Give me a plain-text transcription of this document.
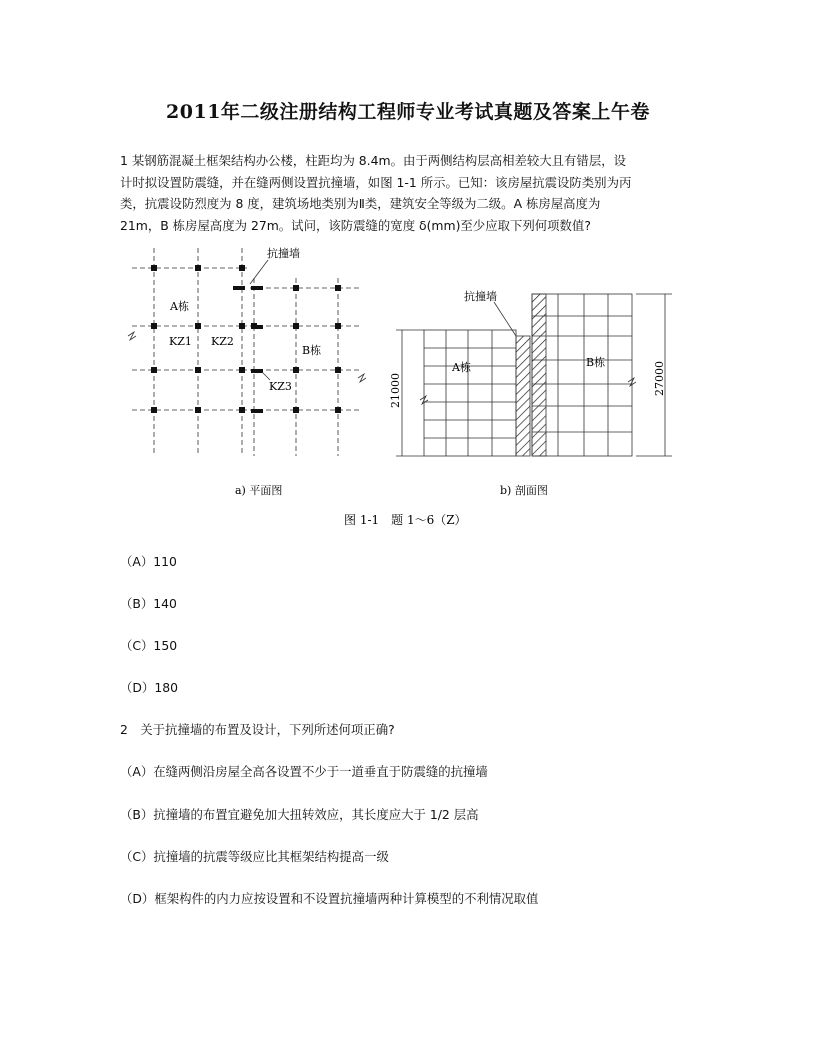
2011年二级注册结构工程师专业考试真题及答案上午卷
1 某钢筋混凝土框架结构办公楼，柱距均为 8.4m。由于两侧结构层高相差较大且有错层，设
计时拟设置防震缝，并在缝两侧设置抗撞墙，如图 1-1 所示。已知：该房屋抗震设防类别为丙
类，抗震设防烈度为 8 度，建筑场地类别为Ⅱ类，建筑安全等级为二级。A 栋房屋高度为
21m，B 栋房屋高度为 27m。试问，该防震缝的宽度 δ(mm)至少应取下列何项数值?
抗撞墙
A栋
B栋
KZ1 KZ2
KZ3
a) 平面图
抗撞墙
A栋	B栋
21000	27000
b) 剖面图
图 1-1　题 1～6（Z）
（A）110
（B）140
（C）150
（D）180
2　关于抗撞墙的布置及设计，下列所述何项正确?
（A）在缝两侧沿房屋全高各设置不少于一道垂直于防震缝的抗撞墙
（B）抗撞墙的布置宜避免加大扭转效应，其长度应大于 1/2 层高
（C）抗撞墙的抗震等级应比其框架结构提高一级
（D）框架构件的内力应按设置和不设置抗撞墙两种计算模型的不利情况取值
